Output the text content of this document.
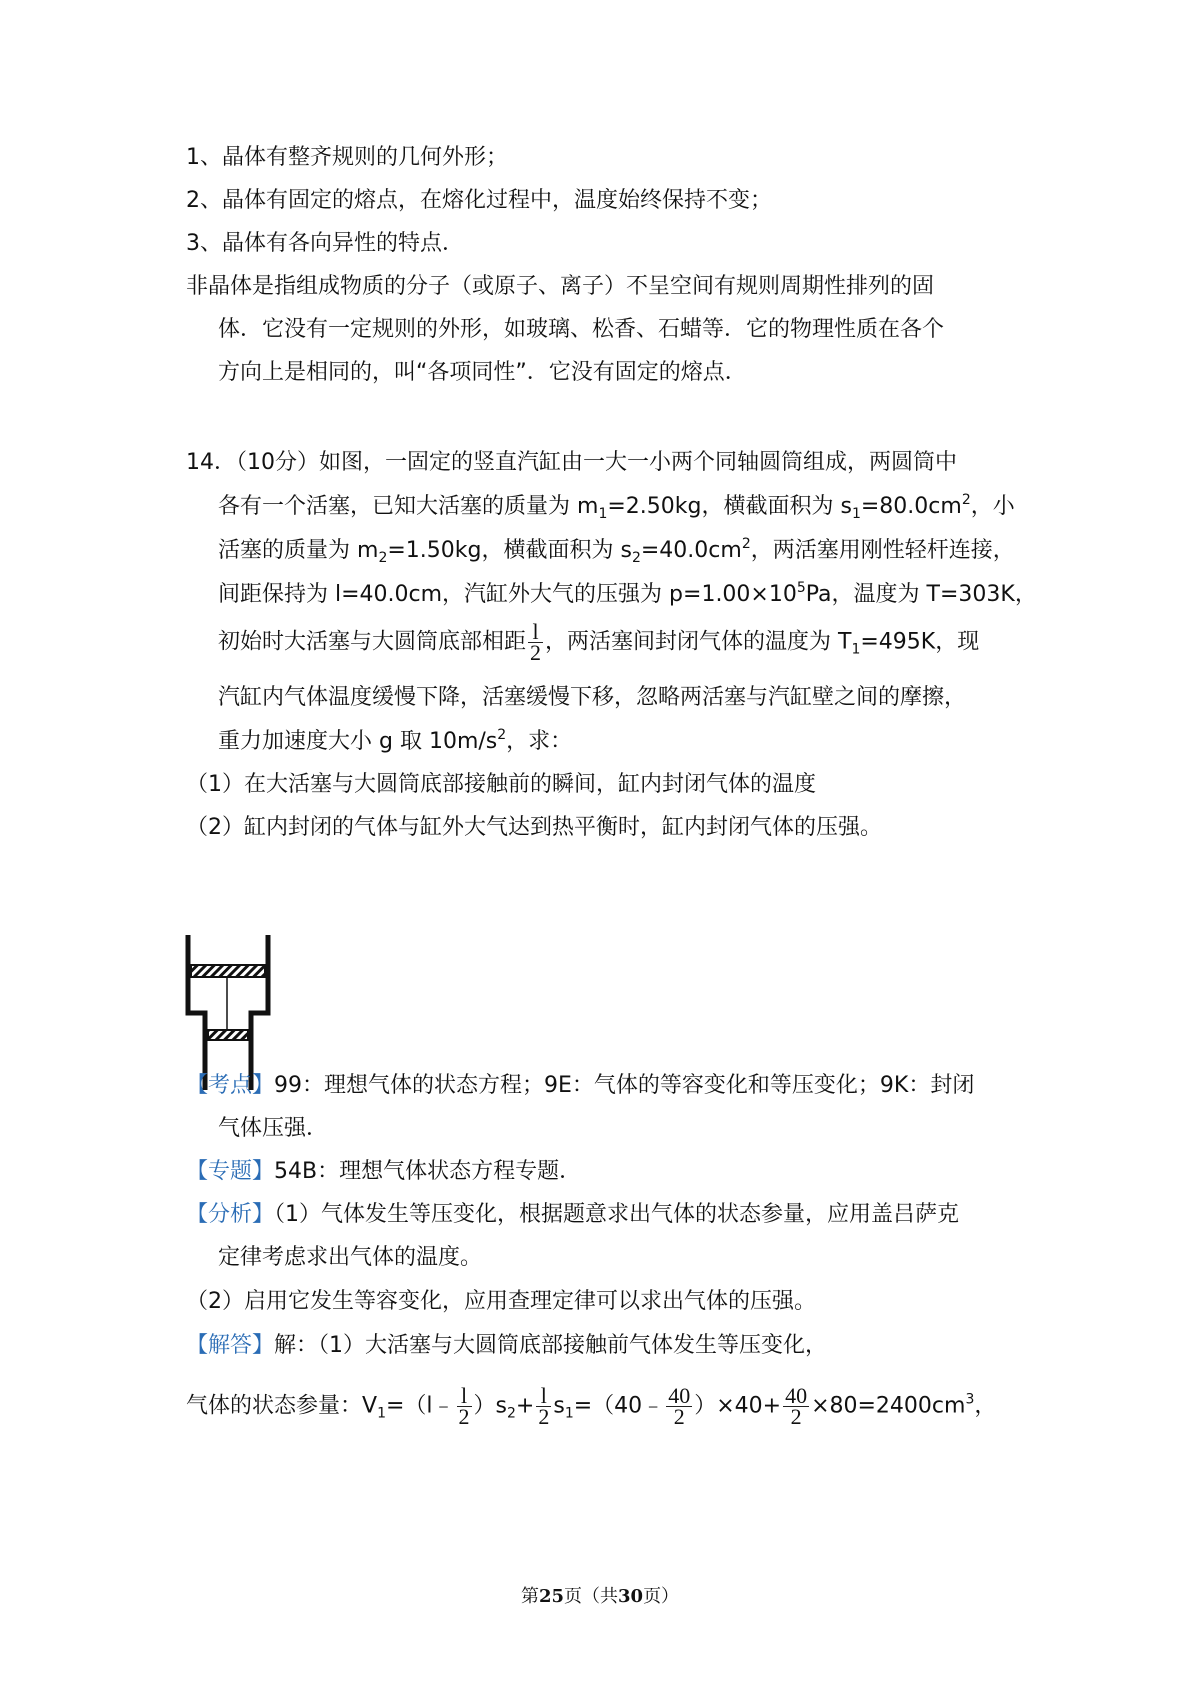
1、晶体有整齐规则的几何外形；
2、晶体有固定的熔点，在熔化过程中，温度始终保持不变；
3、晶体有各向异性的特点．
非晶体是指组成物质的分子（或原子、离子）不呈空间有规则周期性排列的固
体．它没有一定规则的外形，如玻璃、松香、石蜡等．它的物理性质在各个
方向上是相同的，叫“各项同性”．它没有固定的熔点．
14．（10分）如图，一固定的竖直汽缸由一大一小两个同轴圆筒组成，两圆筒中
各有一个活塞，已知大活塞的质量为 $m_1=2.50kg$，横截面积为 $s_1=80.0cm^2$，小
活塞的质量为 $m_2=1.50kg$，横截面积为 $s_2=40.0cm^2$，两活塞用刚性轻杆连接，
间距保持为 l=40.0cm，汽缸外大气的压强为 $p=1.00\times 10^5Pa$，温度为 T=303K，
初始时大活塞与大圆筒底部相距 $\frac{l}{2}$ ，两活塞间封闭气体的温度为 $T_1=495K$，现
汽缸内气体温度缓慢下降，活塞缓慢下移，忽略两活塞与汽缸壁之间的摩擦，
重力加速度大小 g 取 $10m/s^2$，求：
（1）在大活塞与大圆筒底部接触前的瞬间，缸内封闭气体的温度
（2）缸内封闭的气体与缸外大气达到热平衡时，缸内封闭气体的压强。
【考点】99：理想气体的状态方程；9E：气体的等容变化和等压变化；9K：封闭
气体压强．
【专题】54B：理想气体状态方程专题．
【分析】（1）气体发生等压变化，根据题意求出气体的状态参量，应用盖吕萨克
定律考虑求出气体的温度。
（2）启用它发生等容变化，应用查理定律可以求出气体的压强。
【解答】解：（1）大活塞与大圆筒底部接触前气体发生等压变化，
气体的状态参量：$V_1=(l﹣ \frac{l}{2} )s_2+ \frac{l}{2}$ $s_1=(40﹣ \frac{40}{2} )\times 40+ \frac{40}{2} \times 80=2400cm^3$，
第25页（共30页）
